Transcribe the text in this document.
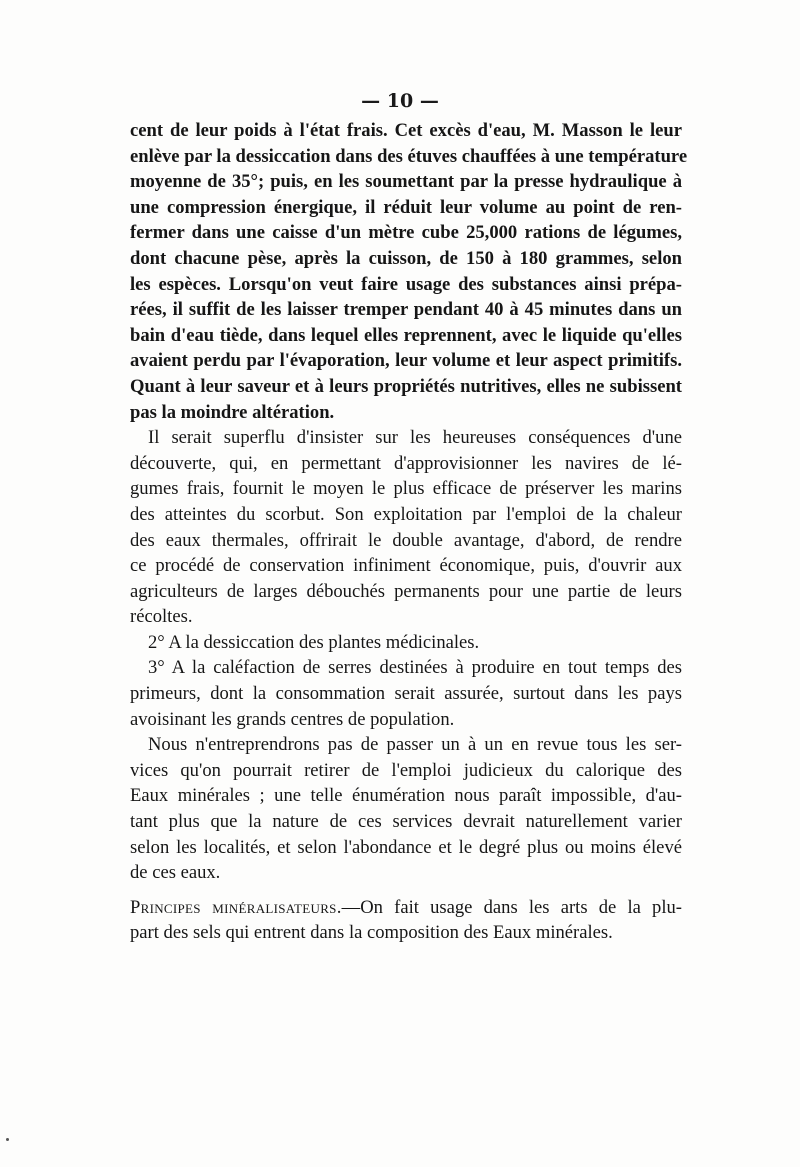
— 10 —

cent de leur poids à l'état frais. Cet excès d'eau, M. Masson le leur
enlève par la dessiccation dans des étuves chauffées à une température
moyenne de 35°; puis, en les soumettant par la presse hydraulique à
une compression énergique, il réduit leur volume au point de ren-
fermer dans une caisse d'un mètre cube 25,000 rations de légumes,
dont chacune pèse, après la cuisson, de 150 à 180 grammes, selon
les espèces. Lorsqu'on veut faire usage des substances ainsi prépa-
rées, il suffit de les laisser tremper pendant 40 à 45 minutes dans un
bain d'eau tiède, dans lequel elles reprennent, avec le liquide qu'elles
avaient perdu par l'évaporation, leur volume et leur aspect primitifs.
Quant à leur saveur et à leurs propriétés nutritives, elles ne subissent
pas la moindre altération.

Il serait superflu d'insister sur les heureuses conséquences d'une
découverte, qui, en permettant d'approvisionner les navires de lé-
gumes frais, fournit le moyen le plus efficace de préserver les marins
des atteintes du scorbut. Son exploitation par l'emploi de la chaleur
des eaux thermales, offrirait le double avantage, d'abord, de rendre
ce procédé de conservation infiniment économique, puis, d'ouvrir aux
agriculteurs de larges débouchés permanents pour une partie de leurs
récoltes.

2° A la dessiccation des plantes médicinales.

3° A la caléfaction de serres destinées à produire en tout temps des
primeurs, dont la consommation serait assurée, surtout dans les pays
avoisinant les grands centres de population.

Nous n'entreprendrons pas de passer un à un en revue tous les ser-
vices qu'on pourrait retirer de l'emploi judicieux du calorique des
Eaux minérales ; une telle énumération nous paraît impossible, d'au-
tant plus que la nature de ces services devrait naturellement varier
selon les localités, et selon l'abondance et le degré plus ou moins élevé
de ces eaux.

Principes minéralisateurs.—On fait usage dans les arts de la plu-
part des sels qui entrent dans la composition des Eaux minérales.
